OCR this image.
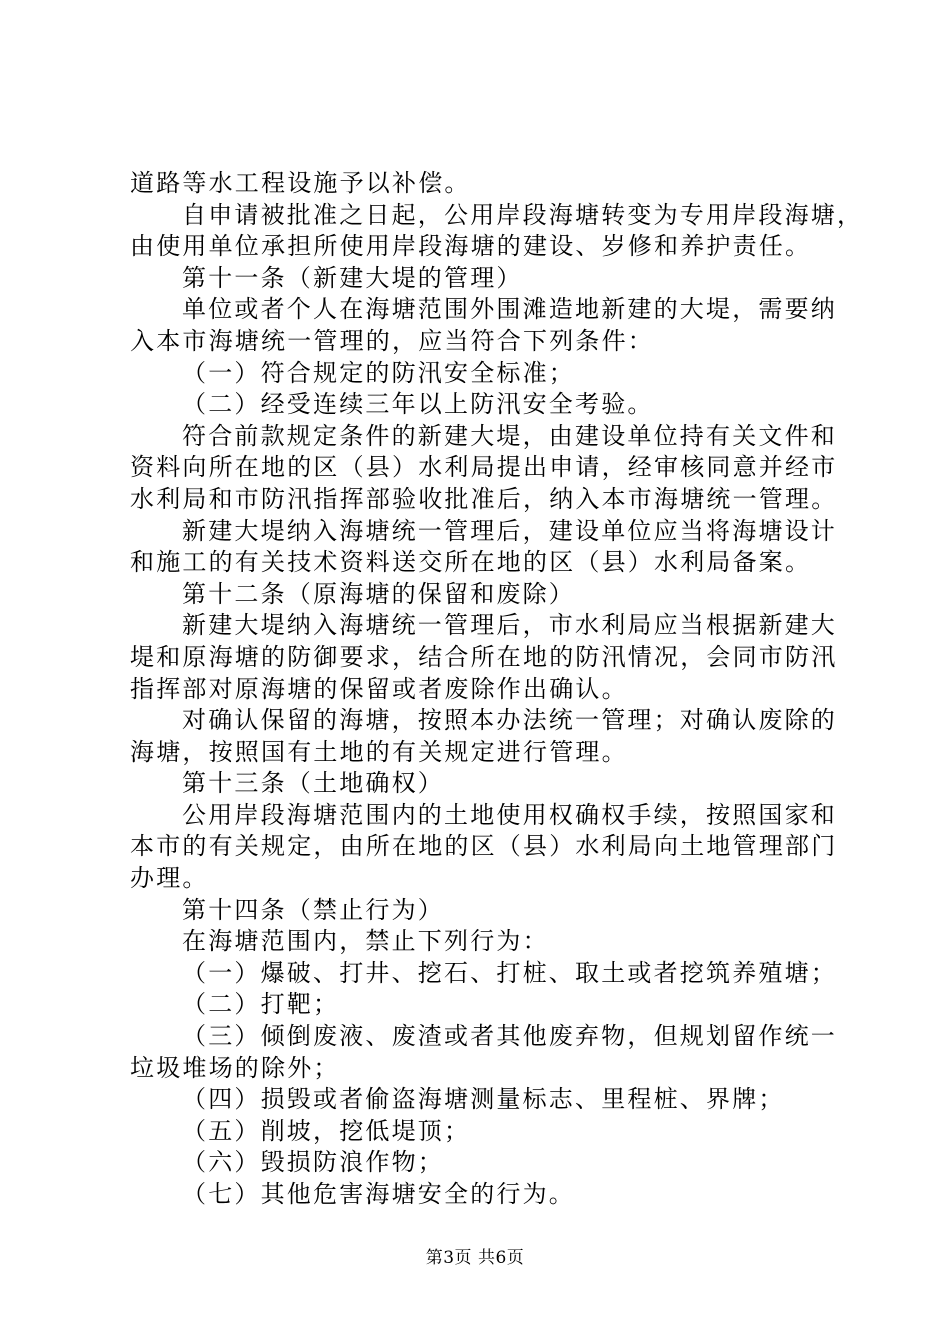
道路等水工程设施予以补偿。
自申请被批准之日起，公用岸段海塘转变为专用岸段海塘，
由使用单位承担所使用岸段海塘的建设、岁修和养护责任。
第十一条（新建大堤的管理）
单位或者个人在海塘范围外围滩造地新建的大堤，需要纳
入本市海塘统一管理的，应当符合下列条件：
（一）符合规定的防汛安全标准；
（二）经受连续三年以上防汛安全考验。
符合前款规定条件的新建大堤，由建设单位持有关文件和
资料向所在地的区（县）水利局提出申请，经审核同意并经市
水利局和市防汛指挥部验收批准后，纳入本市海塘统一管理。
新建大堤纳入海塘统一管理后，建设单位应当将海塘设计
和施工的有关技术资料送交所在地的区（县）水利局备案。
第十二条（原海塘的保留和废除）
新建大堤纳入海塘统一管理后，市水利局应当根据新建大
堤和原海塘的防御要求，结合所在地的防汛情况，会同市防汛
指挥部对原海塘的保留或者废除作出确认。
对确认保留的海塘，按照本办法统一管理；对确认废除的
海塘，按照国有土地的有关规定进行管理。
第十三条（土地确权）
公用岸段海塘范围内的土地使用权确权手续，按照国家和
本市的有关规定，由所在地的区（县）水利局向土地管理部门
办理。
第十四条（禁止行为）
在海塘范围内，禁止下列行为：
（一）爆破、打井、挖石、打桩、取土或者挖筑养殖塘；
（二）打靶；
（三）倾倒废液、废渣或者其他废弃物，但规划留作统一
垃圾堆场的除外；
（四）损毁或者偷盗海塘测量标志、里程桩、界牌；
（五）削坡，挖低堤顶；
（六）毁损防浪作物；
（七）其他危害海塘安全的行为。
第3页 共6页
